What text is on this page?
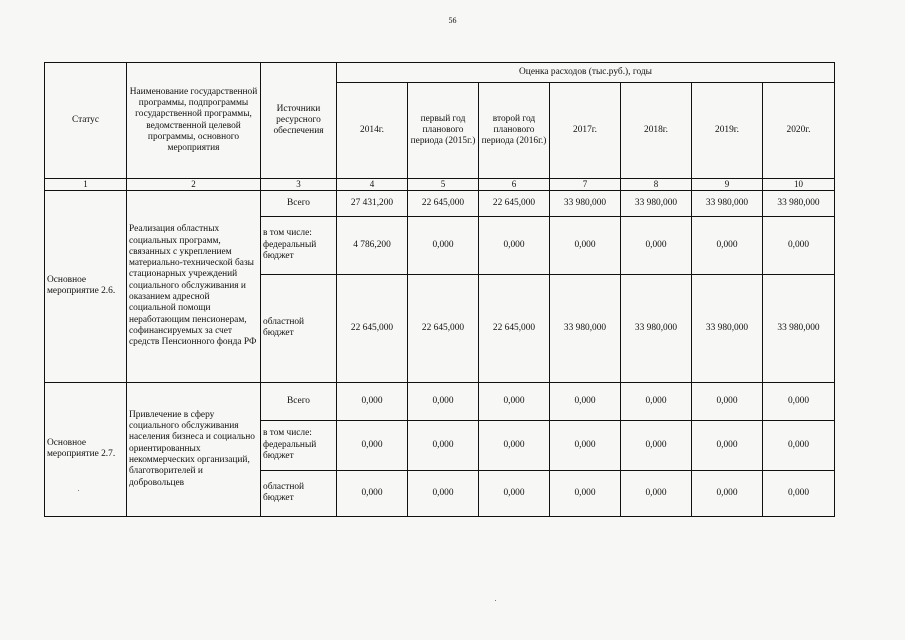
56
Статус	Наименование государственной программы, подпрограммы государственной программы, ведомственной целевой программы, основного мероприятия	Источники ресурсного обеспечения	Оценка расходов (тыс.руб.), годы						
			2014г.	первый год планового периода (2015г.)	второй год планового периода (2016г.)	2017г.	2018г.	2019г.	2020г.
1	2	3	4	5	6	7	8	9	10
Основное мероприятие 2.6.	Реализация областных социальных программ, связанных с укреплением материально-технической базы стационарных учреждений социального обслуживания и оказанием адресной социальной помощи неработающим пенсионерам, софинансируемых за счет средств Пенсионного фонда РФ	Всего	27 431,200	22 645,000	22 645,000	33 980,000	33 980,000	33 980,000	33 980,000
		в том числе: федеральный бюджет	4 786,200	0,000	0,000	0,000	0,000	0,000	0,000
		областной бюджет	22 645,000	22 645,000	22 645,000	33 980,000	33 980,000	33 980,000	33 980,000
Основное мероприятие 2.7.	Привлечение в сферу социального обслуживания населения бизнеса и социально ориентированных некоммерческих организаций, благотворителей и добровольцев	Всего	0,000	0,000	0,000	0,000	0,000	0,000	0,000
		в том числе: федеральный бюджет	0,000	0,000	0,000	0,000	0,000	0,000	0,000
		областной бюджет	0,000	0,000	0,000	0,000	0,000	0,000	0,000
